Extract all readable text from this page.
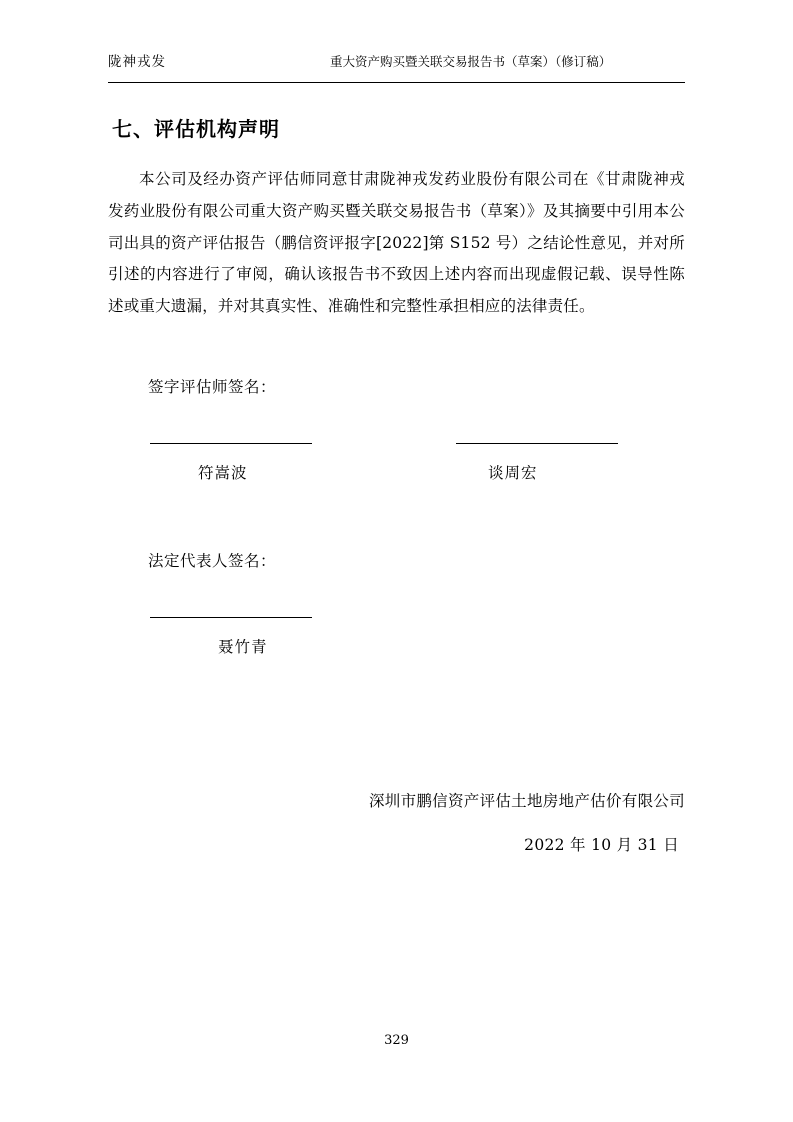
陇神戎发	重大资产购买暨关联交易报告书（草案）（修订稿）
七、评估机构声明

本公司及经办资产评估师同意甘肃陇神戎发药业股份有限公司在《甘肃陇神戎发药业股份有限公司重大资产购买暨关联交易报告书（草案）》及其摘要中引用本公司出具的资产评估报告（鹏信资评报字[2022]第 S152 号）之结论性意见，并对所引述的内容进行了审阅，确认该报告书不致因上述内容而出现虚假记载、误导性陈述或重大遗漏，并对其真实性、准确性和完整性承担相应的法律责任。

签字评估师签名：
符嵩波	谈周宏
法定代表人签名：
聂竹青
深圳市鹏信资产评估土地房地产估价有限公司
2022 年 10 月 31 日
329
